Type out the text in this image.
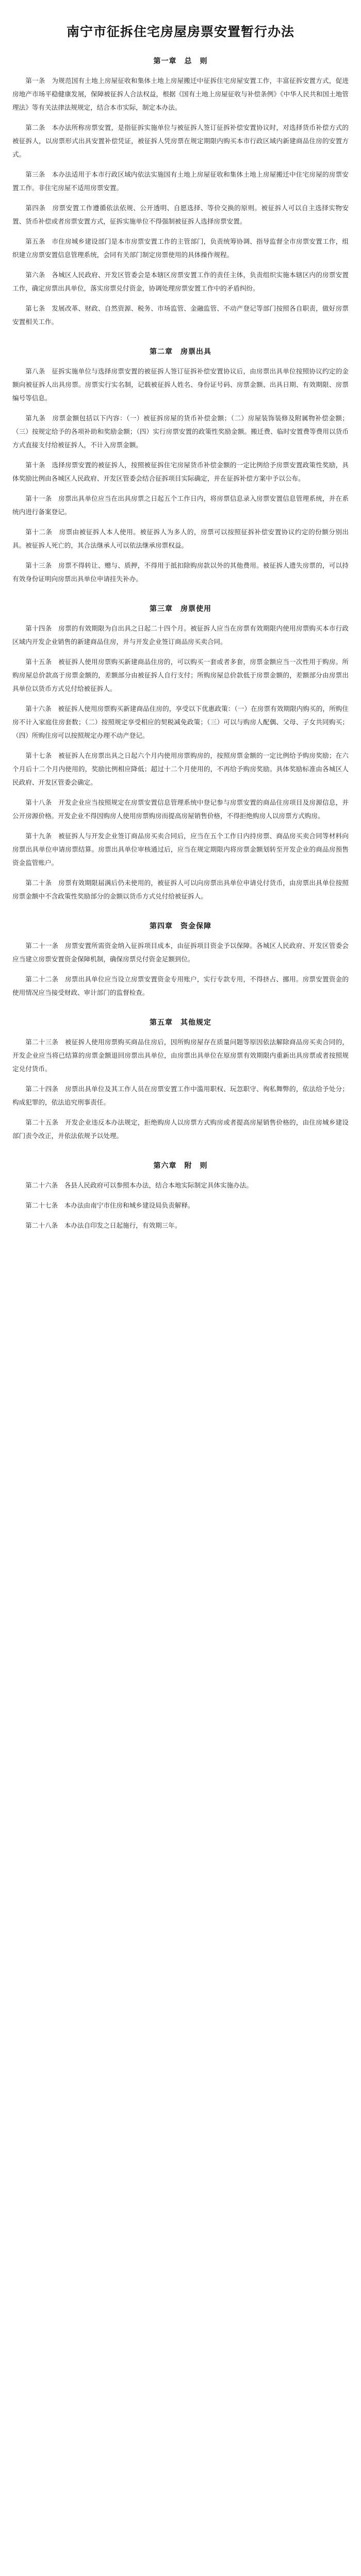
南宁市征拆住宅房屋房票安置暂行办法
第一章　总　则

第一条　为规范国有土地上房屋征收和集体土地上房屋搬迁中征拆住宅房屋安置工作，丰富征拆安置方式，促进房地产市场平稳健康发展，保障被征拆人合法权益，根据《国有土地上房屋征收与补偿条例》《中华人民共和国土地管理法》等有关法律法规规定，结合本市实际，制定本办法。

第二条　本办法所称房票安置，是指征拆实施单位与被征拆人签订征拆补偿安置协议时，对选择货币补偿方式的被征拆人，以房票形式出具安置补偿凭证，被征拆人凭房票在规定期限内购买本市行政区域内新建商品住房的安置方式。

第三条　本办法适用于本市行政区域内依法实施国有土地上房屋征收和集体土地上房屋搬迁中住宅房屋的房票安置工作。非住宅房屋不适用房票安置。

第四条　房票安置工作遵循依法依规、公开透明、自愿选择、等价交换的原则。被征拆人可以自主选择实物安置、货币补偿或者房票安置方式，征拆实施单位不得强制被征拆人选择房票安置。

第五条　市住房城乡建设部门是本市房票安置工作的主管部门，负责统筹协调、指导监督全市房票安置工作，组织建立房票安置信息管理系统，会同有关部门制定房票使用的具体操作规程。

第六条　各城区人民政府、开发区管委会是本辖区房票安置工作的责任主体，负责组织实施本辖区内的房票安置工作，确定房票出具单位，落实房票兑付资金，协调处理房票安置工作中的矛盾纠纷。

第七条　发展改革、财政、自然资源、税务、市场监管、金融监管、不动产登记等部门按照各自职责，做好房票安置相关工作。

第二章　房票出具

第八条　征拆实施单位与选择房票安置的被征拆人签订征拆补偿安置协议后，由房票出具单位按照协议约定的金额向被征拆人出具房票。房票实行实名制，记载被征拆人姓名、身份证号码、房票金额、出具日期、有效期限、房票编号等信息。

第九条　房票金额包括以下内容：（一）被征拆房屋的货币补偿金额；（二）房屋装饰装修及附属物补偿金额；（三）按规定给予的各项补助和奖励金额；（四）实行房票安置的政策性奖励金额。搬迁费、临时安置费等费用以货币方式直接支付给被征拆人，不计入房票金额。

第十条　选择房票安置的被征拆人，按照被征拆住宅房屋货币补偿金额的一定比例给予房票安置政策性奖励，具体奖励比例由各城区人民政府、开发区管委会结合征拆项目实际确定，并在征拆补偿方案中予以公布。

第十一条　房票出具单位应当在出具房票之日起五个工作日内，将房票信息录入房票安置信息管理系统，并在系统内进行备案登记。

第十二条　房票由被征拆人本人使用。被征拆人为多人的，房票可以按照征拆补偿安置协议约定的份额分别出具。被征拆人死亡的，其合法继承人可以依法继承房票权益。

第十三条　房票不得转让、赠与、质押，不得用于抵扣除购房款以外的其他费用。被征拆人遗失房票的，可以持有效身份证明向房票出具单位申请挂失补办。

第三章　房票使用

第十四条　房票的有效期限为自出具之日起二十四个月。被征拆人应当在房票有效期限内使用房票购买本市行政区域内开发企业销售的新建商品住房，并与开发企业签订商品房买卖合同。

第十五条　被征拆人使用房票购买新建商品住房的，可以购买一套或者多套，房票金额应当一次性用于购房。所购房屋总价款高于房票金额的，差额部分由被征拆人自行支付；所购房屋总价款低于房票金额的，差额部分由房票出具单位以货币方式兑付给被征拆人。

第十六条　被征拆人使用房票购买新建商品住房的，享受以下优惠政策：（一）在房票有效期限内购买的，所购住房不计入家庭住房套数；（二）按照规定享受相应的契税减免政策；（三）可以与购房人配偶、父母、子女共同购买；（四）所购住房可以按照规定办理不动产登记。

第十七条　被征拆人在房票出具之日起六个月内使用房票购房的，按照房票金额的一定比例给予购房奖励；在六个月后十二个月内使用的，奖励比例相应降低；超过十二个月使用的，不再给予购房奖励。具体奖励标准由各城区人民政府、开发区管委会确定。

第十八条　开发企业应当按照规定在房票安置信息管理系统中登记参与房票安置的商品住房项目及房源信息，并公开房源价格。开发企业不得因购房人使用房票购房而提高房屋销售价格，不得拒绝购房人以房票方式购房。

第十九条　被征拆人与开发企业签订商品房买卖合同后，应当在五个工作日内持房票、商品房买卖合同等材料向房票出具单位申请房票结算。房票出具单位审核通过后，应当在规定期限内将房票金额划转至开发企业的商品房预售资金监管账户。

第二十条　房票有效期限届满后仍未使用的，被征拆人可以向房票出具单位申请兑付货币，由房票出具单位按照房票金额中不含政策性奖励部分的金额以货币方式兑付给被征拆人。

第四章　资金保障

第二十一条　房票安置所需资金纳入征拆项目成本，由征拆项目资金予以保障。各城区人民政府、开发区管委会应当建立房票安置资金保障机制，确保房票兑付资金足额到位。

第二十二条　房票出具单位应当设立房票安置资金专用账户，实行专款专用，不得挤占、挪用。房票安置资金的使用情况应当接受财政、审计部门的监督检查。

第五章　其他规定

第二十三条　被征拆人使用房票购买商品住房后，因所购房屋存在质量问题等原因依法解除商品房买卖合同的，开发企业应当将已结算的房票金额退回房票出具单位，由房票出具单位在原房票有效期限内重新出具房票或者按照规定兑付货币。

第二十四条　房票出具单位及其工作人员在房票安置工作中滥用职权、玩忽职守、徇私舞弊的，依法给予处分；构成犯罪的，依法追究刑事责任。

第二十五条　开发企业违反本办法规定，拒绝购房人以房票方式购房或者提高房屋销售价格的，由住房城乡建设部门责令改正，并依法依规予以处理。

第六章　附　则

第二十六条　各县人民政府可以参照本办法，结合本地实际制定具体实施办法。

第二十七条　本办法由南宁市住房和城乡建设局负责解释。

第二十八条　本办法自印发之日起施行，有效期三年。
